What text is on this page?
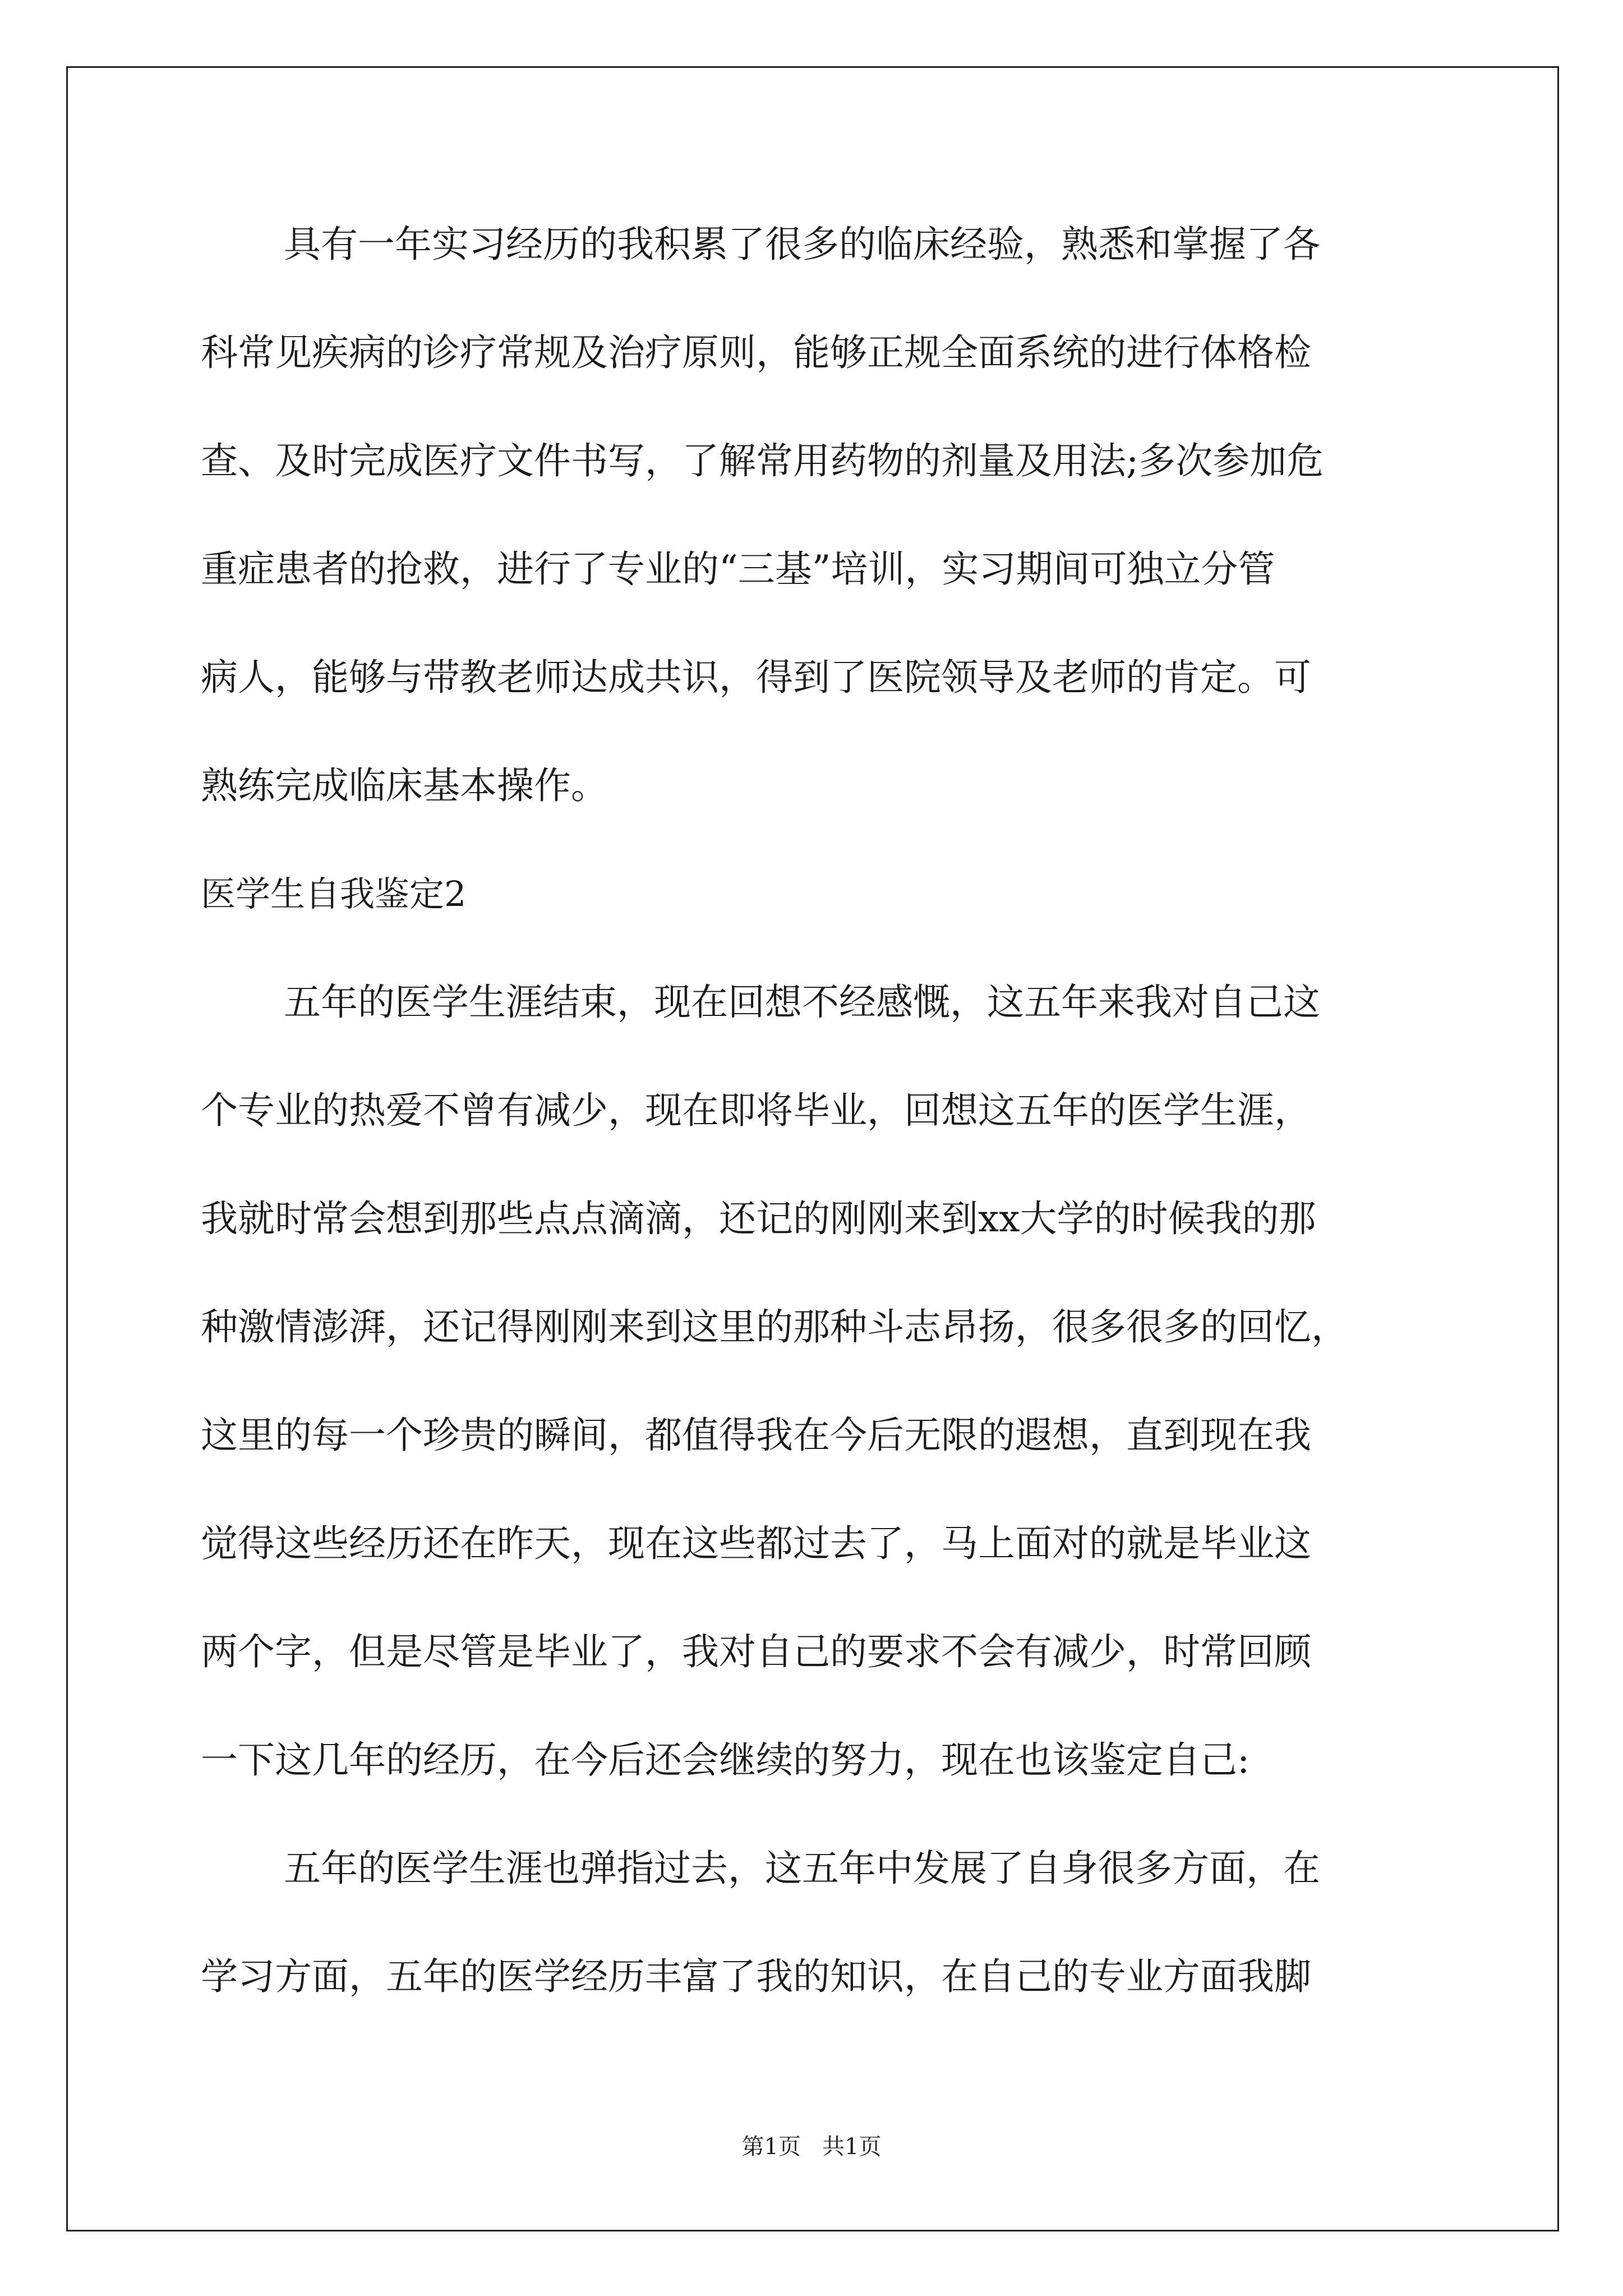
具有一年实习经历的我积累了很多的临床经验，熟悉和掌握了各
科常见疾病的诊疗常规及治疗原则，能够正规全面系统的进行体格检
查、及时完成医疗文件书写，了解常用药物的剂量及用法;多次参加危
重症患者的抢救，进行了专业的“三基”培训，实习期间可独立分管
病人，能够与带教老师达成共识，得到了医院领导及老师的肯定。可
熟练完成临床基本操作。
医学生自我鉴定2
五年的医学生涯结束，现在回想不经感慨，这五年来我对自己这
个专业的热爱不曾有减少，现在即将毕业，回想这五年的医学生涯，
我就时常会想到那些点点滴滴，还记的刚刚来到xx大学的时候我的那
种激情澎湃，还记得刚刚来到这里的那种斗志昂扬，很多很多的回忆，
这里的每一个珍贵的瞬间，都值得我在今后无限的遐想，直到现在我
觉得这些经历还在昨天，现在这些都过去了，马上面对的就是毕业这
两个字，但是尽管是毕业了，我对自己的要求不会有减少，时常回顾
一下这几年的经历，在今后还会继续的努力，现在也该鉴定自己:
五年的医学生涯也弹指过去，这五年中发展了自身很多方面，在
学习方面，五年的医学经历丰富了我的知识，在自己的专业方面我脚
第1页   共1页
